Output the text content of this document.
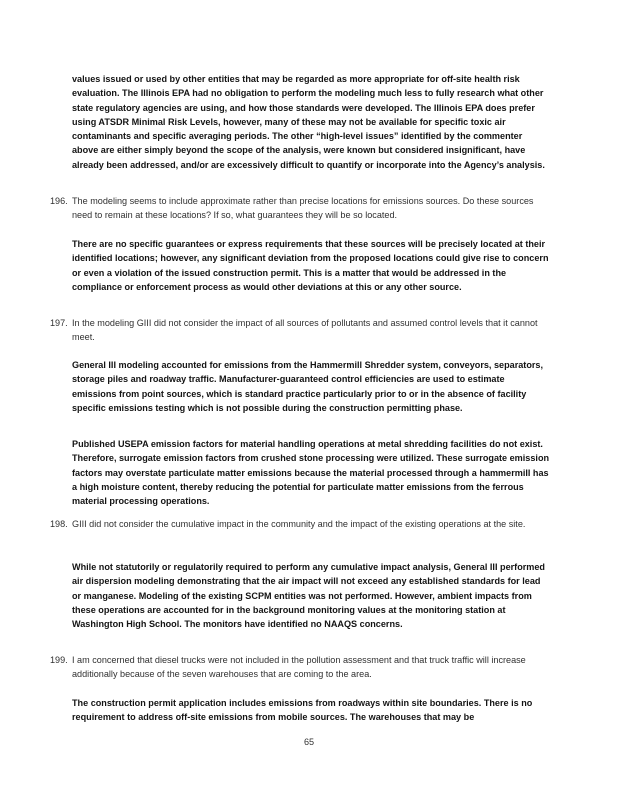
values issued or used by other entities that may be regarded as more appropriate for off-site health risk evaluation. The Illinois EPA had no obligation to perform the modeling much less to fully research what other state regulatory agencies are using, and how those standards were developed. The Illinois EPA does prefer using ATSDR Minimal Risk Levels, however, many of these may not be available for specific toxic air contaminants and specific averaging periods. The other “high-level issues” identified by the commenter above are either simply beyond the scope of the analysis, were known but considered insignificant, have already been addressed, and/or are excessively difficult to quantify or incorporate into the Agency’s analysis.

196. The modeling seems to include approximate rather than precise locations for emissions sources. Do these sources need to remain at these locations? If so, what guarantees they will be so located.

There are no specific guarantees or express requirements that these sources will be precisely located at their identified locations; however, any significant deviation from the proposed locations could give rise to concern or even a violation of the issued construction permit. This is a matter that would be addressed in the compliance or enforcement process as would other deviations at this or any other source.

197. In the modeling GIII did not consider the impact of all sources of pollutants and assumed control levels that it cannot meet.

General III modeling accounted for emissions from the Hammermill Shredder system, conveyors, separators, storage piles and roadway traffic. Manufacturer-guaranteed control efficiencies are used to estimate emissions from point sources, which is standard practice particularly prior to or in the absence of facility specific emissions testing which is not possible during the construction permitting phase.

Published USEPA emission factors for material handling operations at metal shredding facilities do not exist. Therefore, surrogate emission factors from crushed stone processing were utilized. These surrogate emission factors may overstate particulate matter emissions because the material processed through a hammermill has a high moisture content, thereby reducing the potential for particulate matter emissions from the ferrous material processing operations.

198. GIII did not consider the cumulative impact in the community and the impact of the existing operations at the site.

While not statutorily or regulatorily required to perform any cumulative impact analysis, General III performed air dispersion modeling demonstrating that the air impact will not exceed any established standards for lead or manganese. Modeling of the existing SCPM entities was not performed. However, ambient impacts from these operations are accounted for in the background monitoring values at the monitoring station at Washington High School. The monitors have identified no NAAQS concerns.

199. I am concerned that diesel trucks were not included in the pollution assessment and that truck traffic will increase additionally because of the seven warehouses that are coming to the area.

The construction permit application includes emissions from roadways within site boundaries. There is no requirement to address off-site emissions from mobile sources. The warehouses that may be

65
